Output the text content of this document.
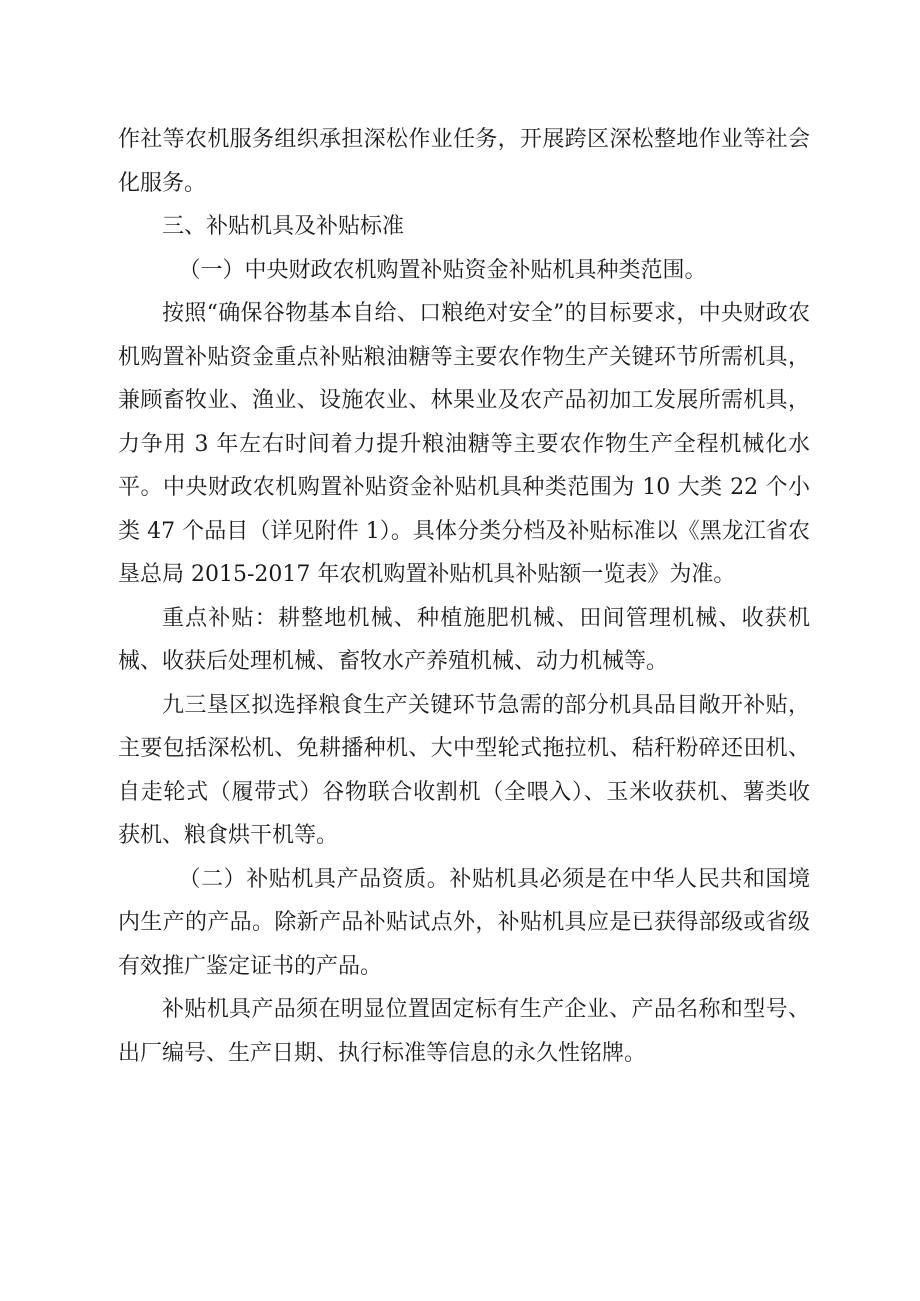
作社等农机服务组织承担深松作业任务，开展跨区深松整地作业等社会化服务。

三、补贴机具及补贴标准

（一）中央财政农机购置补贴资金补贴机具种类范围。

按照“确保谷物基本自给、口粮绝对安全”的目标要求，中央财政农机购置补贴资金重点补贴粮油糖等主要农作物生产关键环节所需机具，兼顾畜牧业、渔业、设施农业、林果业及农产品初加工发展所需机具，力争用 3 年左右时间着力提升粮油糖等主要农作物生产全程机械化水平。中央财政农机购置补贴资金补贴机具种类范围为 10 大类 22 个小类 47 个品目（详见附件 1）。具体分类分档及补贴标准以《黑龙江省农垦总局 2015-2017 年农机购置补贴机具补贴额一览表》为准。

重点补贴：耕整地机械、种植施肥机械、田间管理机械、收获机械、收获后处理机械、畜牧水产养殖机械、动力机械等。

九三垦区拟选择粮食生产关键环节急需的部分机具品目敞开补贴，主要包括深松机、免耕播种机、大中型轮式拖拉机、秸秆粉碎还田机、自走轮式（履带式）谷物联合收割机（全喂入）、玉米收获机、薯类收获机、粮食烘干机等。

（二）补贴机具产品资质。补贴机具必须是在中华人民共和国境内生产的产品。除新产品补贴试点外，补贴机具应是已获得部级或省级有效推广鉴定证书的产品。

补贴机具产品须在明显位置固定标有生产企业、产品名称和型号、出厂编号、生产日期、执行标准等信息的永久性铭牌。
